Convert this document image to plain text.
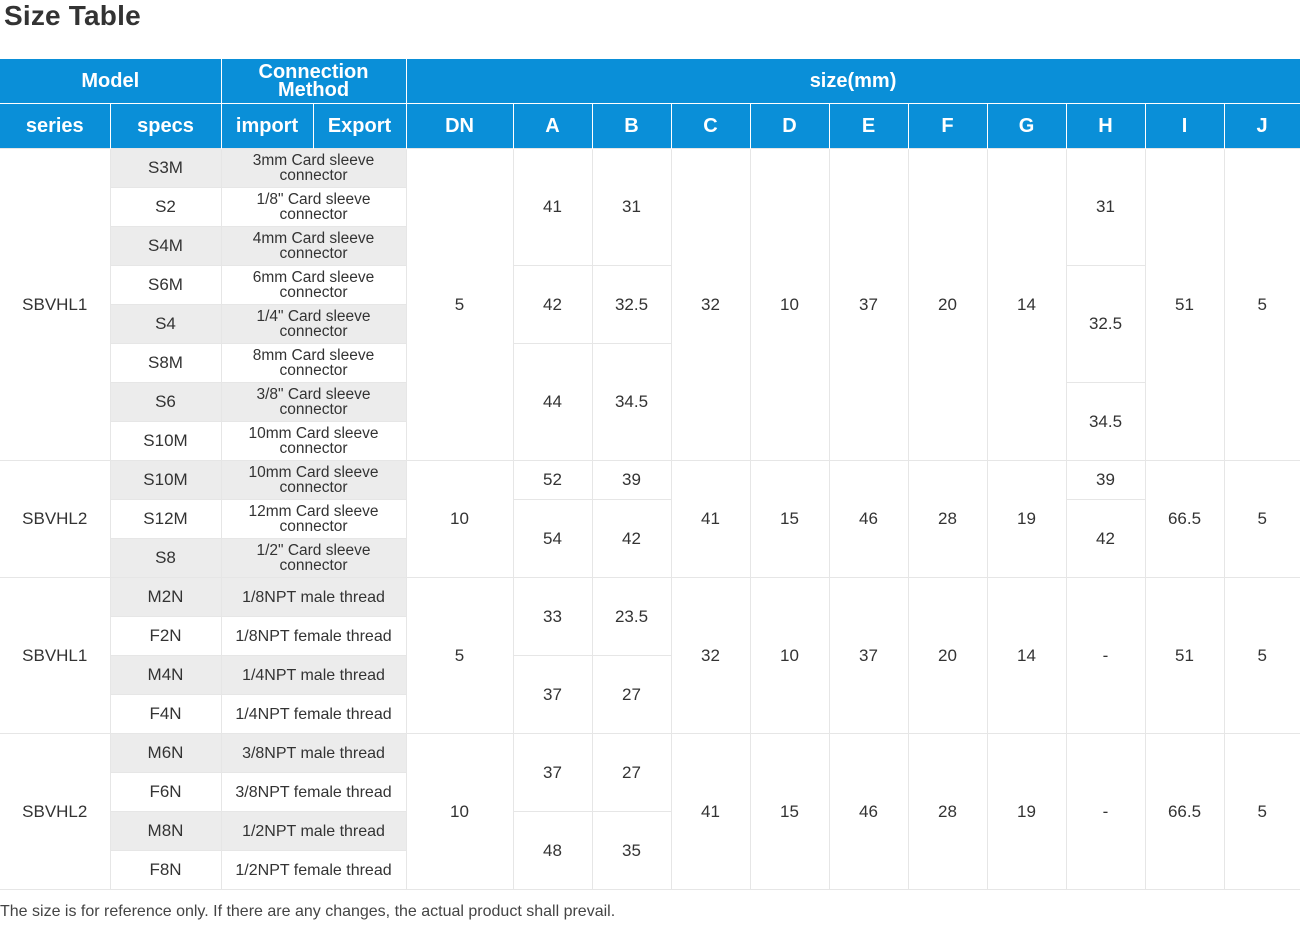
Size Table
Model		Connection Method		size(mm)										
series	specs	import	Export	DN	A	B	C	D	E	F	G	H	I	J
SBVHL1	S3M	3mm Card sleeve connector		5	41	31	32	10	37	20	14	31	51	5
	S2	1/8" Card sleeve connector												
	S4M	4mm Card sleeve connector												
	S6M	6mm Card sleeve connector			42	32.5						32.5		
	S4	1/4" Card sleeve connector												
	S8M	8mm Card sleeve connector			44	34.5								
	S6	3/8" Card sleeve connector										34.5		
	S10M	10mm Card sleeve connector												
SBVHL2	S10M	10mm Card sleeve connector		10	52	39	41	15	46	28	19	39	66.5	5
	S12M	12mm Card sleeve connector			54	42						42		
	S8	1/2" Card sleeve connector												
SBVHL1	M2N	1/8NPT male thread		5	33	23.5	32	10	37	20	14	-	51	5
	F2N	1/8NPT female thread												
	M4N	1/4NPT male thread			37	27								
	F4N	1/4NPT female thread												
SBVHL2	M6N	3/8NPT male thread		10	37	27	41	15	46	28	19	-	66.5	5
	F6N	3/8NPT female thread												
	M8N	1/2NPT male thread			48	35								
	F8N	1/2NPT female thread												

The size is for reference only. If there are any changes, the actual product shall prevail.
